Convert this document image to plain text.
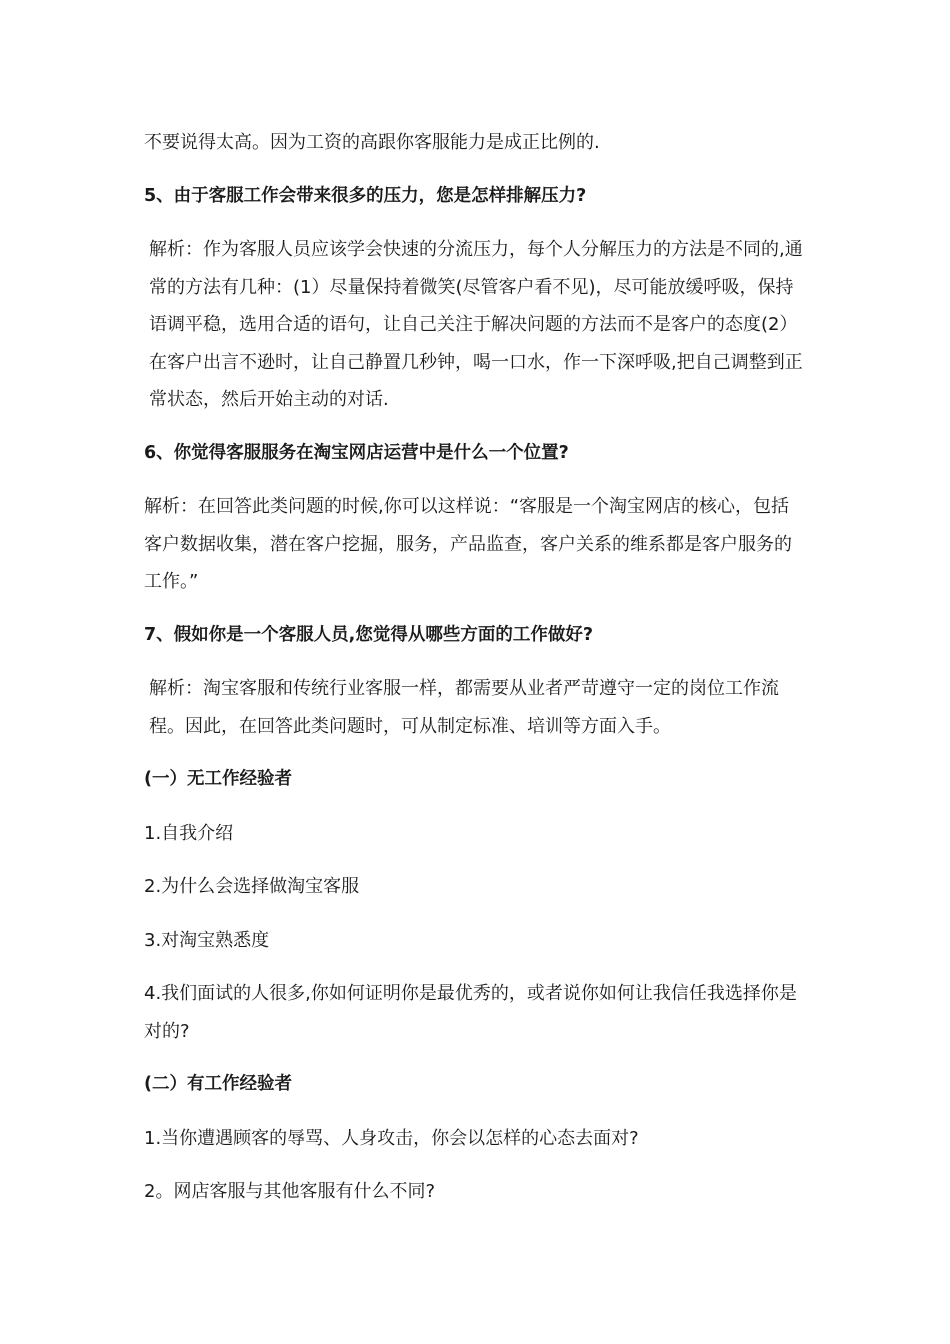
不要说得太高。因为工资的高跟你客服能力是成正比例的.
5、由于客服工作会带来很多的压力，您是怎样排解压力?
解析：作为客服人员应该学会快速的分流压力，每个人分解压力的方法是不同的,通常的方法有几种：(1）尽量保持着微笑(尽管客户看不见)，尽可能放缓呼吸，保持语调平稳，选用合适的语句，让自己关注于解决问题的方法而不是客户的态度(2）在客户出言不逊时，让自己静置几秒钟，喝一口水，作一下深呼吸,把自己调整到正常状态，然后开始主动的对话.
6、你觉得客服服务在淘宝网店运营中是什么一个位置?
解析：在回答此类问题的时候,你可以这样说：“客服是一个淘宝网店的核心，包括客户数据收集，潜在客户挖掘，服务，产品监查，客户关系的维系都是客户服务的工作。”
7、假如你是一个客服人员,您觉得从哪些方面的工作做好?
解析：淘宝客服和传统行业客服一样，都需要从业者严苛遵守一定的岗位工作流程。因此，在回答此类问题时，可从制定标准、培训等方面入手。
(一）无工作经验者
1.自我介绍
2.为什么会选择做淘宝客服
3.对淘宝熟悉度
4.我们面试的人很多,你如何证明你是最优秀的，或者说你如何让我信任我选择你是对的?
(二）有工作经验者
1.当你遭遇顾客的辱骂、人身攻击，你会以怎样的心态去面对?
2。网店客服与其他客服有什么不同?
